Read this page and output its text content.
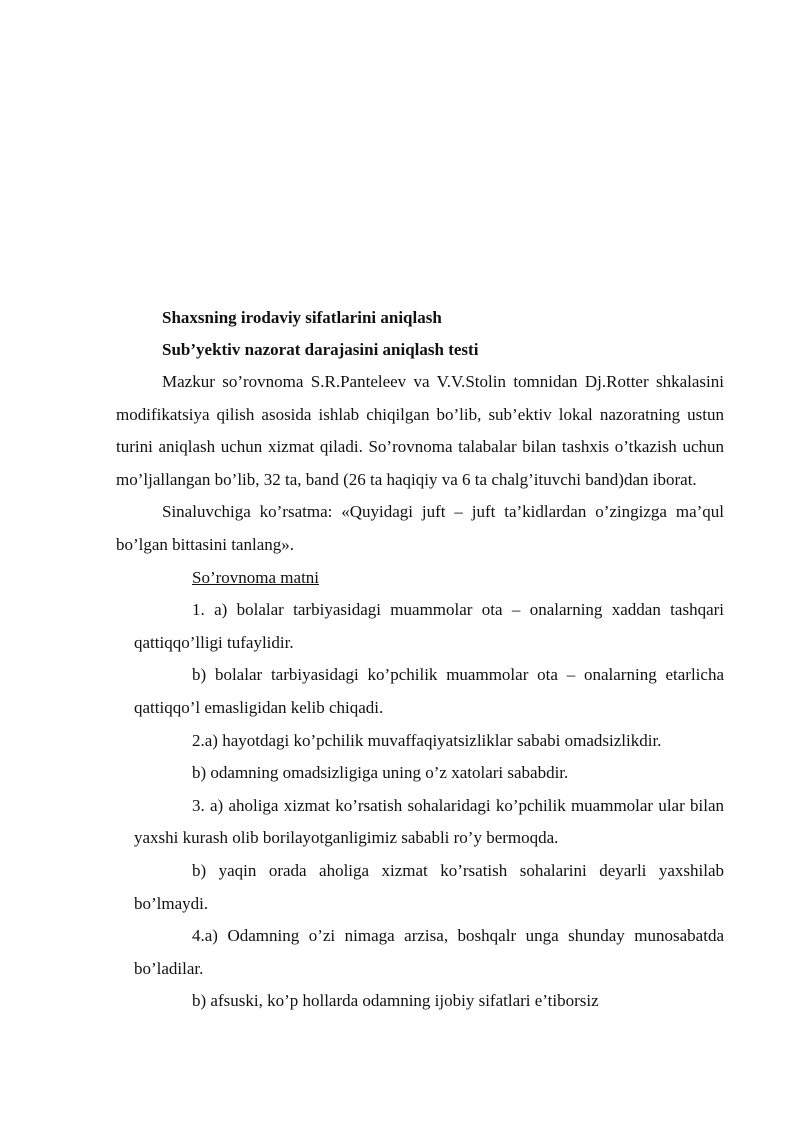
Shaxsning irodaviy sifatlarini aniqlash

Sub’yektiv nazorat darajasini aniqlash testi

Mazkur so’rovnoma S.R.Panteleev va V.V.Stolin tomnidan Dj.Rotter shkalasini modifikatsiya qilish asosida ishlab chiqilgan bo’lib, sub’ektiv lokal nazoratning ustun turini aniqlash uchun xizmat qiladi. So’rovnoma talabalar bilan tashxis o’tkazish uchun mo’ljallangan bo’lib, 32 ta, band (26 ta haqiqiy va 6 ta chalg’ituvchi band)dan iborat.

Sinaluvchiga ko’rsatma: «Quyidagi juft – juft ta’kidlardan o’zingizga ma’qul bo’lgan bittasini tanlang».

So’rovnoma matni

1. a) bolalar tarbiyasidagi muammolar ota – onalarning xaddan tashqari qattiqqo’lligi tufaylidir.

b) bolalar tarbiyasidagi ko’pchilik muammolar ota – onalarning etarlicha qattiqqo’l emasligidan kelib chiqadi.

2.a) hayotdagi ko’pchilik muvaffaqiyatsizliklar sababi omadsizlikdir.

b) odamning omadsizligiga uning o’z xatolari sababdir.

3. a) aholiga xizmat ko’rsatish sohalaridagi ko’pchilik muammolar ular bilan yaxshi kurash olib borilayotganligimiz sababli ro’y bermoqda.

b) yaqin orada aholiga xizmat ko’rsatish sohalarini deyarli yaxshilab bo’lmaydi.

4.a) Odamning o’zi nimaga arzisa, boshqalr unga shunday munosabatda bo’ladilar.

b) afsuski, ko’p hollarda odamning ijobiy sifatlari e’tiborsiz
